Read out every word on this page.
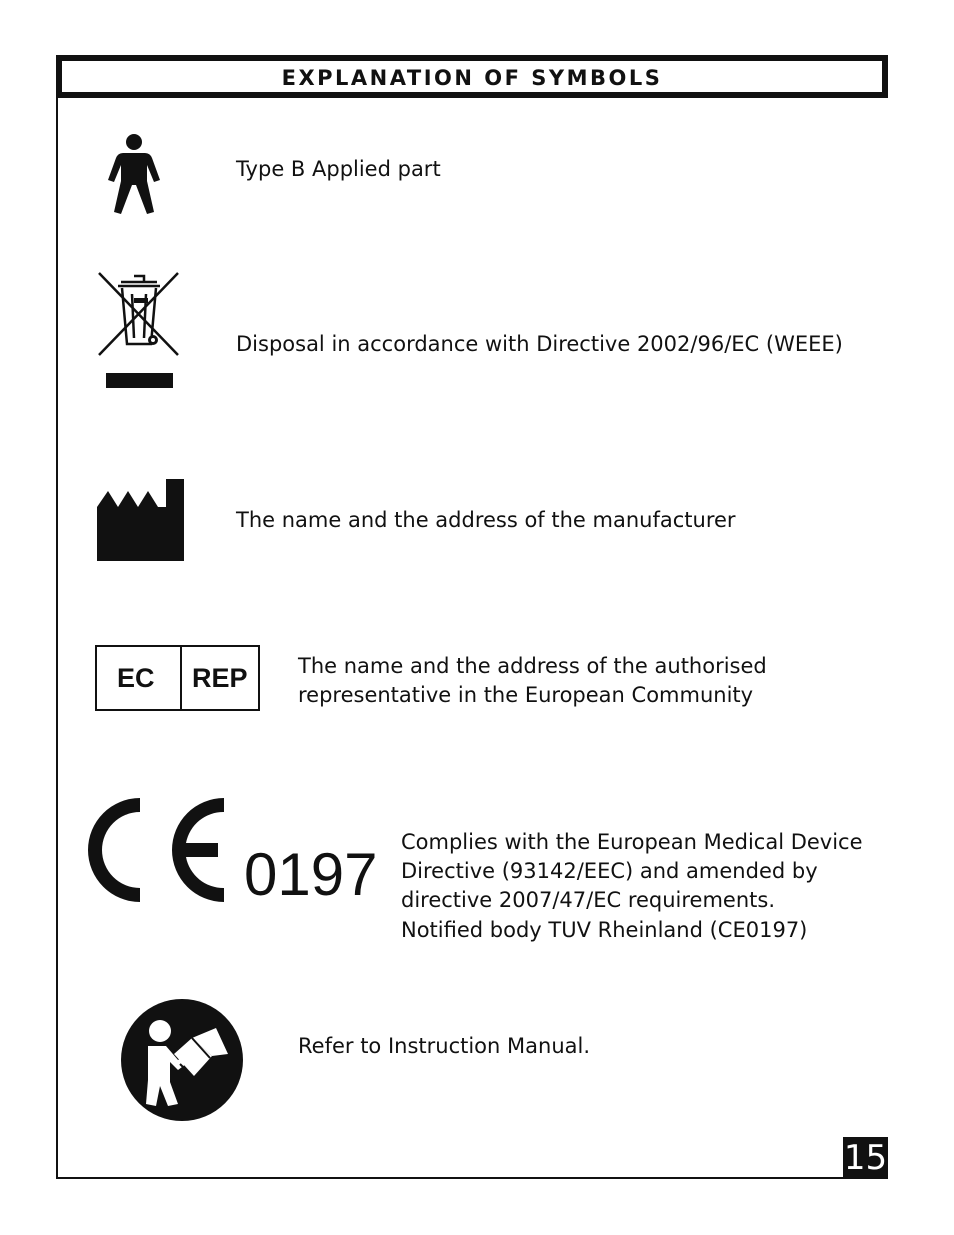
EXPLANATION OF SYMBOLS
Type B Applied part
Disposal in accordance with Directive 2002/96/EC (WEEE)
The name and the address of the manufacturer
EC REP The name and the address of the authorised
representative in the European Community
0197 Complies with the European Medical Device
Directive (93142/EEC) and amended by
directive 2007/47/EC requirements.
Notified body TUV Rheinland (CE0197)
Refer to Instruction Manual.
15
